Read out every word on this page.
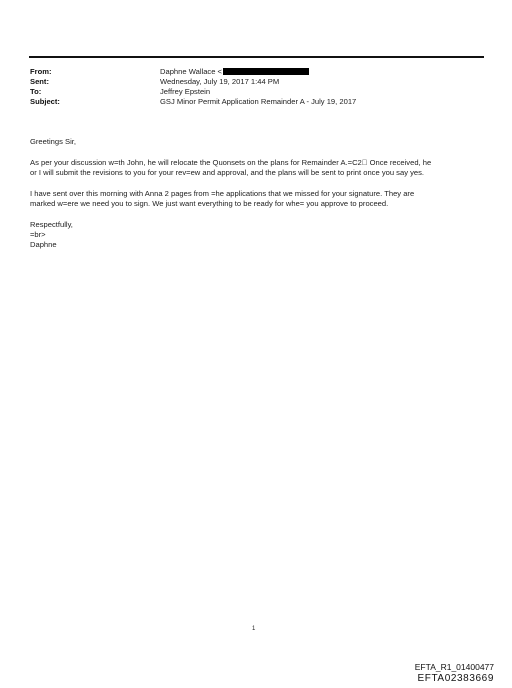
From:	Daphne Wallace <
Sent:	Wednesday, July 19, 2017 1:44 PM
To:	Jeffrey Epstein
Subject:	GSJ Minor Permit Application Remainder A - July 19, 2017

Greetings Sir,

As per your discussion w=th John, he will relocate the Quonsets on the plans for Remainder A.=C2  Once received, he

or I will submit the revisions to you for your rev=ew and approval, and the plans will be sent to print once you say yes.

I have sent over this morning with Anna 2 pages from =he applications that we missed for your signature. They are

marked w=ere we need you to sign. We just want everything to be ready for whe= you approve to proceed.

Respectfully,

=br>

Daphne

1
EFTA_R1_01400477
EFTA02383669
